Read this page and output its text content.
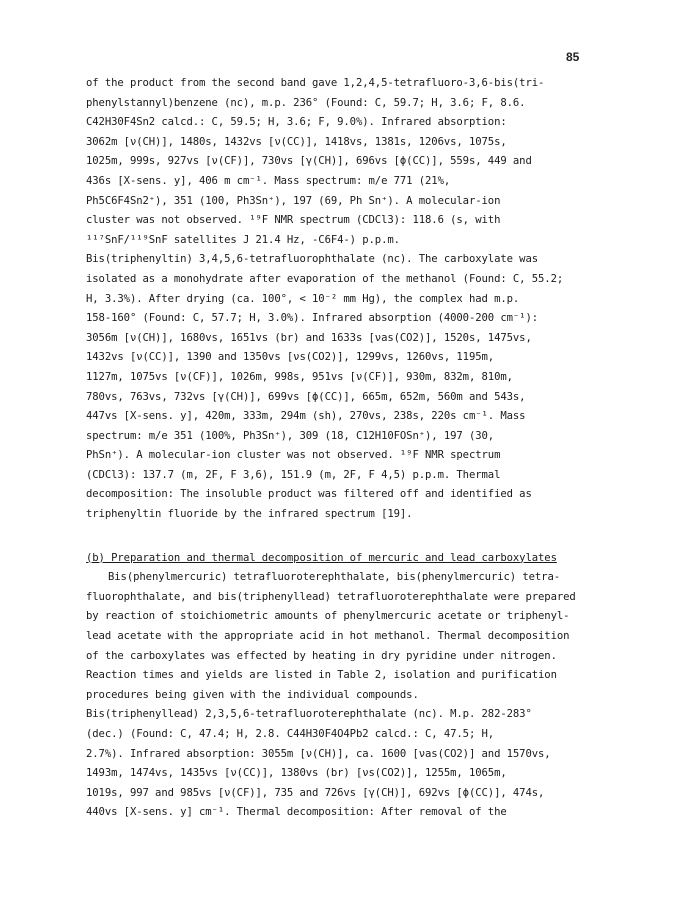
85
of the product from the second band gave 1,2,4,5-tetrafluoro-3,6-bis(tri-
phenylstannyl)benzene (nc), m.p. 236° (Found: C, 59.7; H, 3.6; F, 8.6.
C42H30F4Sn2 calcd.: C, 59.5; H, 3.6; F, 9.0%). Infrared absorption:
3062m [ν(CH)], 1480s, 1432vs [ν(CC)], 1418vs, 1381s, 1206vs, 1075s,
1025m, 999s, 927vs [ν(CF)], 730vs [γ(CH)], 696vs [ϕ(CC)], 559s, 449 and
436s [X-sens. y], 406 m cm⁻¹. Mass spectrum: m/e 771 (21%,
Ph5C6F4Sn2⁺), 351 (100, Ph3Sn⁺), 197 (69, Ph Sn⁺). A molecular-ion
cluster was not observed. ¹⁹F NMR spectrum (CDCl3): 118.6 (s, with
¹¹⁷SnF/¹¹⁹SnF satellites J 21.4 Hz, -C6F4-) p.p.m.
Bis(triphenyltin) 3,4,5,6-tetrafluorophthalate (nc). The carboxylate was
isolated as a monohydrate after evaporation of the methanol (Found: C, 55.2;
H, 3.3%). After drying (ca. 100°, < 10⁻² mm Hg), the complex had m.p.
158-160° (Found: C, 57.7; H, 3.0%). Infrared absorption (4000-200 cm⁻¹):
3056m [ν(CH)], 1680vs, 1651vs (br) and 1633s [νas(CO2)], 1520s, 1475vs,
1432vs [ν(CC)], 1390 and 1350vs [νs(CO2)], 1299vs, 1260vs, 1195m,
1127m, 1075vs [ν(CF)], 1026m, 998s, 951vs [ν(CF)], 930m, 832m, 810m,
780vs, 763vs, 732vs [γ(CH)], 699vs [ϕ(CC)], 665m, 652m, 560m and 543s,
447vs [X-sens. y], 420m, 333m, 294m (sh), 270vs, 238s, 220s cm⁻¹. Mass
spectrum: m/e 351 (100%, Ph3Sn⁺), 309 (18, C12H10FOSn⁺), 197 (30,
PhSn⁺). A molecular-ion cluster was not observed. ¹⁹F NMR spectrum
(CDCl3): 137.7 (m, 2F, F 3,6), 151.9 (m, 2F, F 4,5) p.p.m. Thermal
decomposition: The insoluble product was filtered off and identified as
triphenyltin fluoride by the infrared spectrum [19].
(b) Preparation and thermal decomposition of mercuric and lead carboxylates
Bis(phenylmercuric) tetrafluoroterephthalate, bis(phenylmercuric) tetra-
fluorophthalate, and bis(triphenyllead) tetrafluoroterephthalate were prepared
by reaction of stoichiometric amounts of phenylmercuric acetate or triphenyl-
lead acetate with the appropriate acid in hot methanol. Thermal decomposition
of the carboxylates was effected by heating in dry pyridine under nitrogen.
Reaction times and yields are listed in Table 2, isolation and purification
procedures being given with the individual compounds.
Bis(triphenyllead) 2,3,5,6-tetrafluoroterephthalate (nc). M.p. 282-283°
(dec.) (Found: C, 47.4; H, 2.8. C44H30F4O4Pb2 calcd.: C, 47.5; H,
2.7%). Infrared absorption: 3055m [ν(CH)], ca. 1600 [νas(CO2)] and 1570vs,
1493m, 1474vs, 1435vs [ν(CC)], 1380vs (br) [νs(CO2)], 1255m, 1065m,
1019s, 997 and 985vs [ν(CF)], 735 and 726vs [γ(CH)], 692vs [ϕ(CC)], 474s,
440vs [X-sens. y] cm⁻¹. Thermal decomposition: After removal of the
